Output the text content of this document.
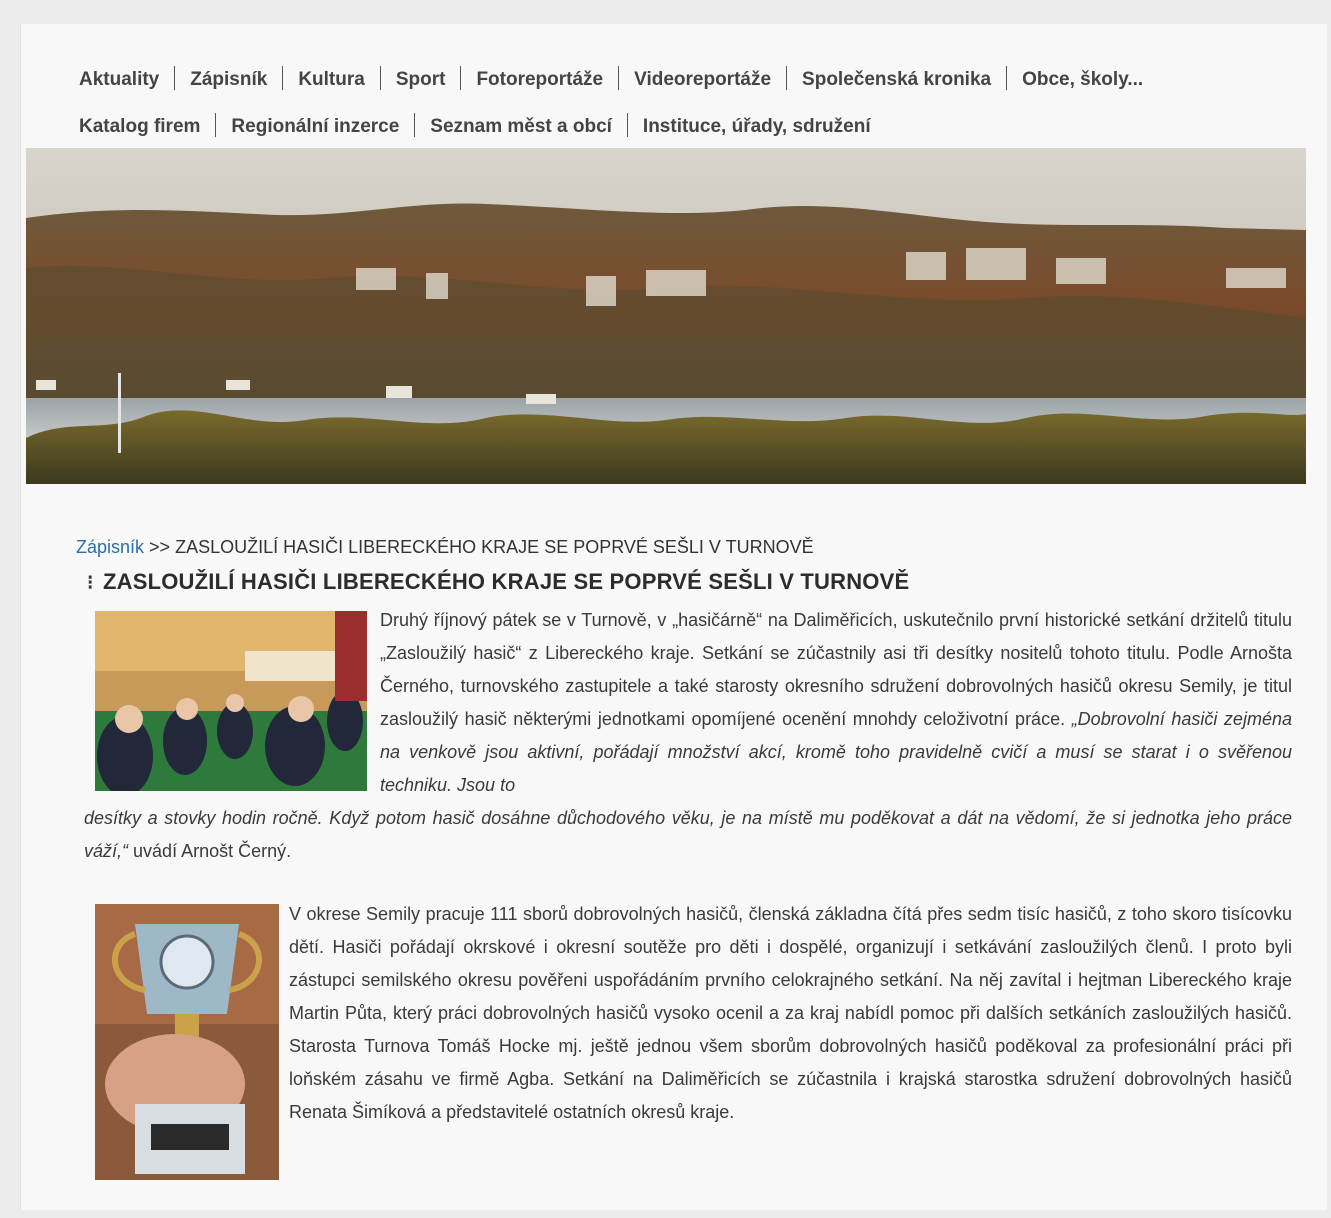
Aktuality Zápisník Kultura Sport Fotoreportáže Videoreportáže Společenská kronika Obce, školy...
Katalog firem Regionální inzerce Seznam měst a obcí Instituce, úřady, sdružení
Zápisník >> ZASLOUŽILÍ HASIČI LIBERECKÉHO KRAJE SE POPRVÉ SEŠLI V TURNOVĚ
⁝ ZASLOUŽILÍ HASIČI LIBERECKÉHO KRAJE SE POPRVÉ SEŠLI V TURNOVĚ
Druhý říjnový pátek se v Turnově, v „hasičárně“ na Daliměřicích, uskutečnilo první historické setkání držitelů titulu „Zasloužilý hasič“ z Libereckého kraje. Setkání se zúčastnily asi tři desítky nositelů tohoto titulu. Podle Arnošta Černého, turnovského zastupitele a také starosty okresního sdružení dobrovolných hasičů okresu Semily, je titul zasloužilý hasič některými jednotkami opomíjené ocenění mnohdy celoživotní práce. „Dobrovolní hasiči zejména na venkově jsou aktivní, pořádají množství akcí, kromě toho pravidelně cvičí a musí se starat i o svěřenou techniku. Jsou to
desítky a stovky hodin ročně. Když potom hasič dosáhne důchodového věku, je na místě mu poděkovat a dát na vědomí, že si jednotka jeho práce váží,“ uvádí Arnošt Černý.
V okrese Semily pracuje 111 sborů dobrovolných hasičů, členská základna čítá přes sedm tisíc hasičů, z toho skoro tisícovku dětí. Hasiči pořádají okrskové i okresní soutěže pro děti i dospělé, organizují i setkávání zasloužilých členů. I proto byli zástupci semilského okresu pověřeni uspořádáním prvního celokrajného setkání. Na něj zavítal i hejtman Libereckého kraje Martin Půta, který práci dobrovolných hasičů vysoko ocenil a za kraj nabídl pomoc při dalších setkáních zasloužilých hasičů. Starosta Turnova Tomáš Hocke mj. ještě jednou všem sborům dobrovolných hasičů poděkoval za profesionální práci při loňském zásahu ve firmě Agba. Setkání na Daliměřicích se zúčastnila i krajská starostka sdružení dobrovolných hasičů Renata Šimíková a představitelé ostatních okresů kraje.
